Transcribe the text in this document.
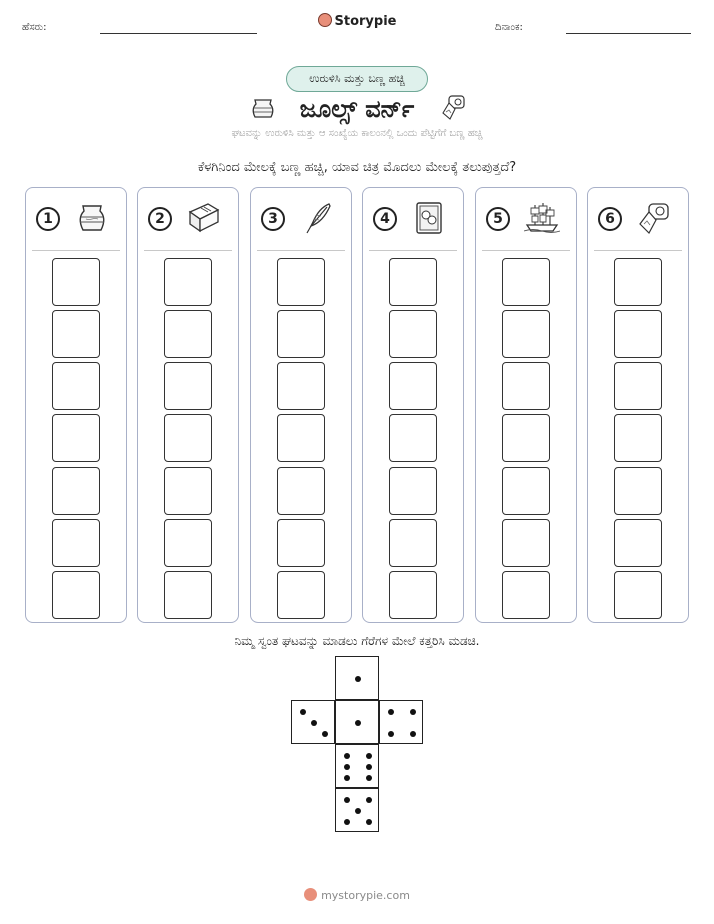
ಹೆಸರು:	Storypie	ದಿನಾಂಕ:
ಉರುಳಿಸಿ ಮತ್ತು ಬಣ್ಣ ಹಚ್ಚಿ
ಜೂಲ್ಸ್ ವರ್ನ್
ಘಟವನ್ನು ಉರುಳಿಸಿ ಮತ್ತು ಆ ಸಂಖ್ಯೆಯ ಕಾಲಂನಲ್ಲಿ ಒಂದು ಪೆಟ್ಟಿಗೆಗೆ ಬಣ್ಣ ಹಚ್ಚಿ
ಕೆಳಗಿನಿಂದ ಮೇಲಕ್ಕೆ ಬಣ್ಣ ಹಚ್ಚಿ, ಯಾವ ಚಿತ್ರ ಮೊದಲು ಮೇಲಕ್ಕೆ ತಲುಪುತ್ತದೆ?
1	2	3	4	5	6
ನಿಮ್ಮ ಸ್ವಂತ ಘಟವನ್ನು ಮಾಡಲು ಗೆರೆಗಳ ಮೇಲೆ ಕತ್ತರಿಸಿ ಮಡಚಿ.
mystorypie.com
